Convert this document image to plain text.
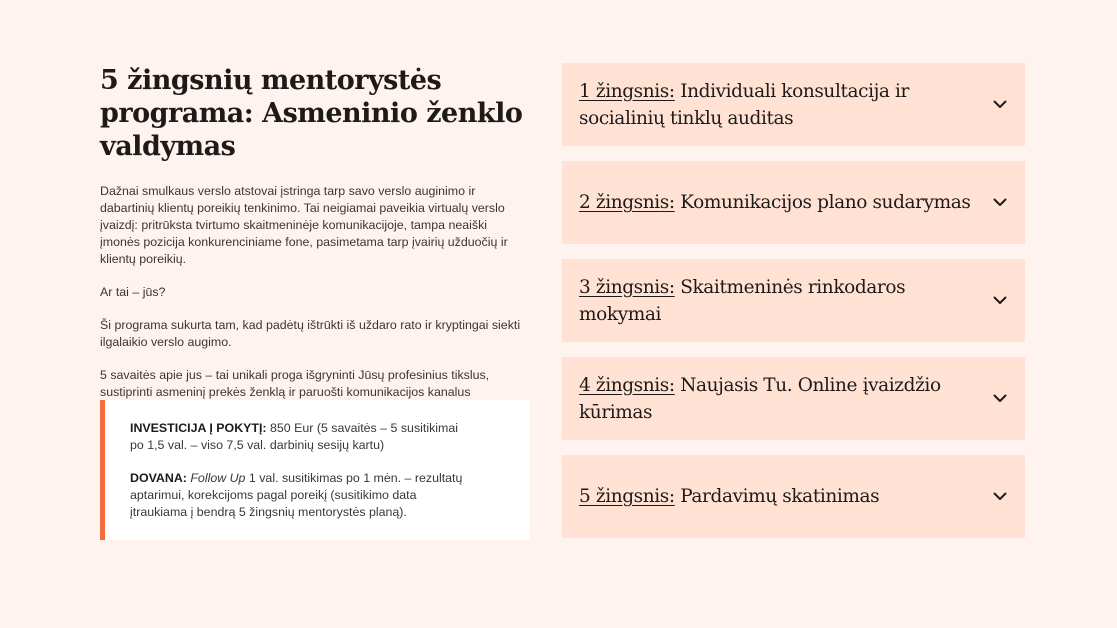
5 žingsnių mentorystės programa: Asmeninio ženklo valdymas

Dažnai smulkaus verslo atstovai įstringa tarp savo verslo auginimo ir dabartinių klientų poreikių tenkinimo. Tai neigiamai paveikia virtualų verslo įvaizdį: pritrūksta tvirtumo skaitmeninėje komunikacijoje, tampa neaiški įmonės pozicija konkurenciniame fone, pasimetama tarp įvairių užduočių ir klientų poreikių.

Ar tai – jūs?

Ši programa sukurta tam, kad padėtų ištrūkti iš uždaro rato ir kryptingai siekti ilgalaikio verslo augimo.

5 savaitės apie jus – tai unikali proga išgryninti Jūsų profesinius tikslus, sustiprinti asmeninį prekės ženklą ir paruošti komunikacijos kanalus

INVESTICIJA Į POKYTĮ: 850 Eur (5 savaitės – 5 susitikimai po 1,5 val. – viso 7,5 val. darbinių sesijų kartu)

DOVANA: Follow Up 1 val. susitikimas po 1 mėn. – rezultatų aptarimui, korekcijoms pagal poreikį (susitikimo data įtraukiama į bendrą 5 žingsnių mentorystės planą).

1 žingsnis: Individuali konsultacija ir socialinių tinklų auditas
2 žingsnis: Komunikacijos plano sudarymas
3 žingsnis: Skaitmeninės rinkodaros mokymai
4 žingsnis: Naujasis Tu. Online įvaizdžio kūrimas
5 žingsnis: Pardavimų skatinimas
